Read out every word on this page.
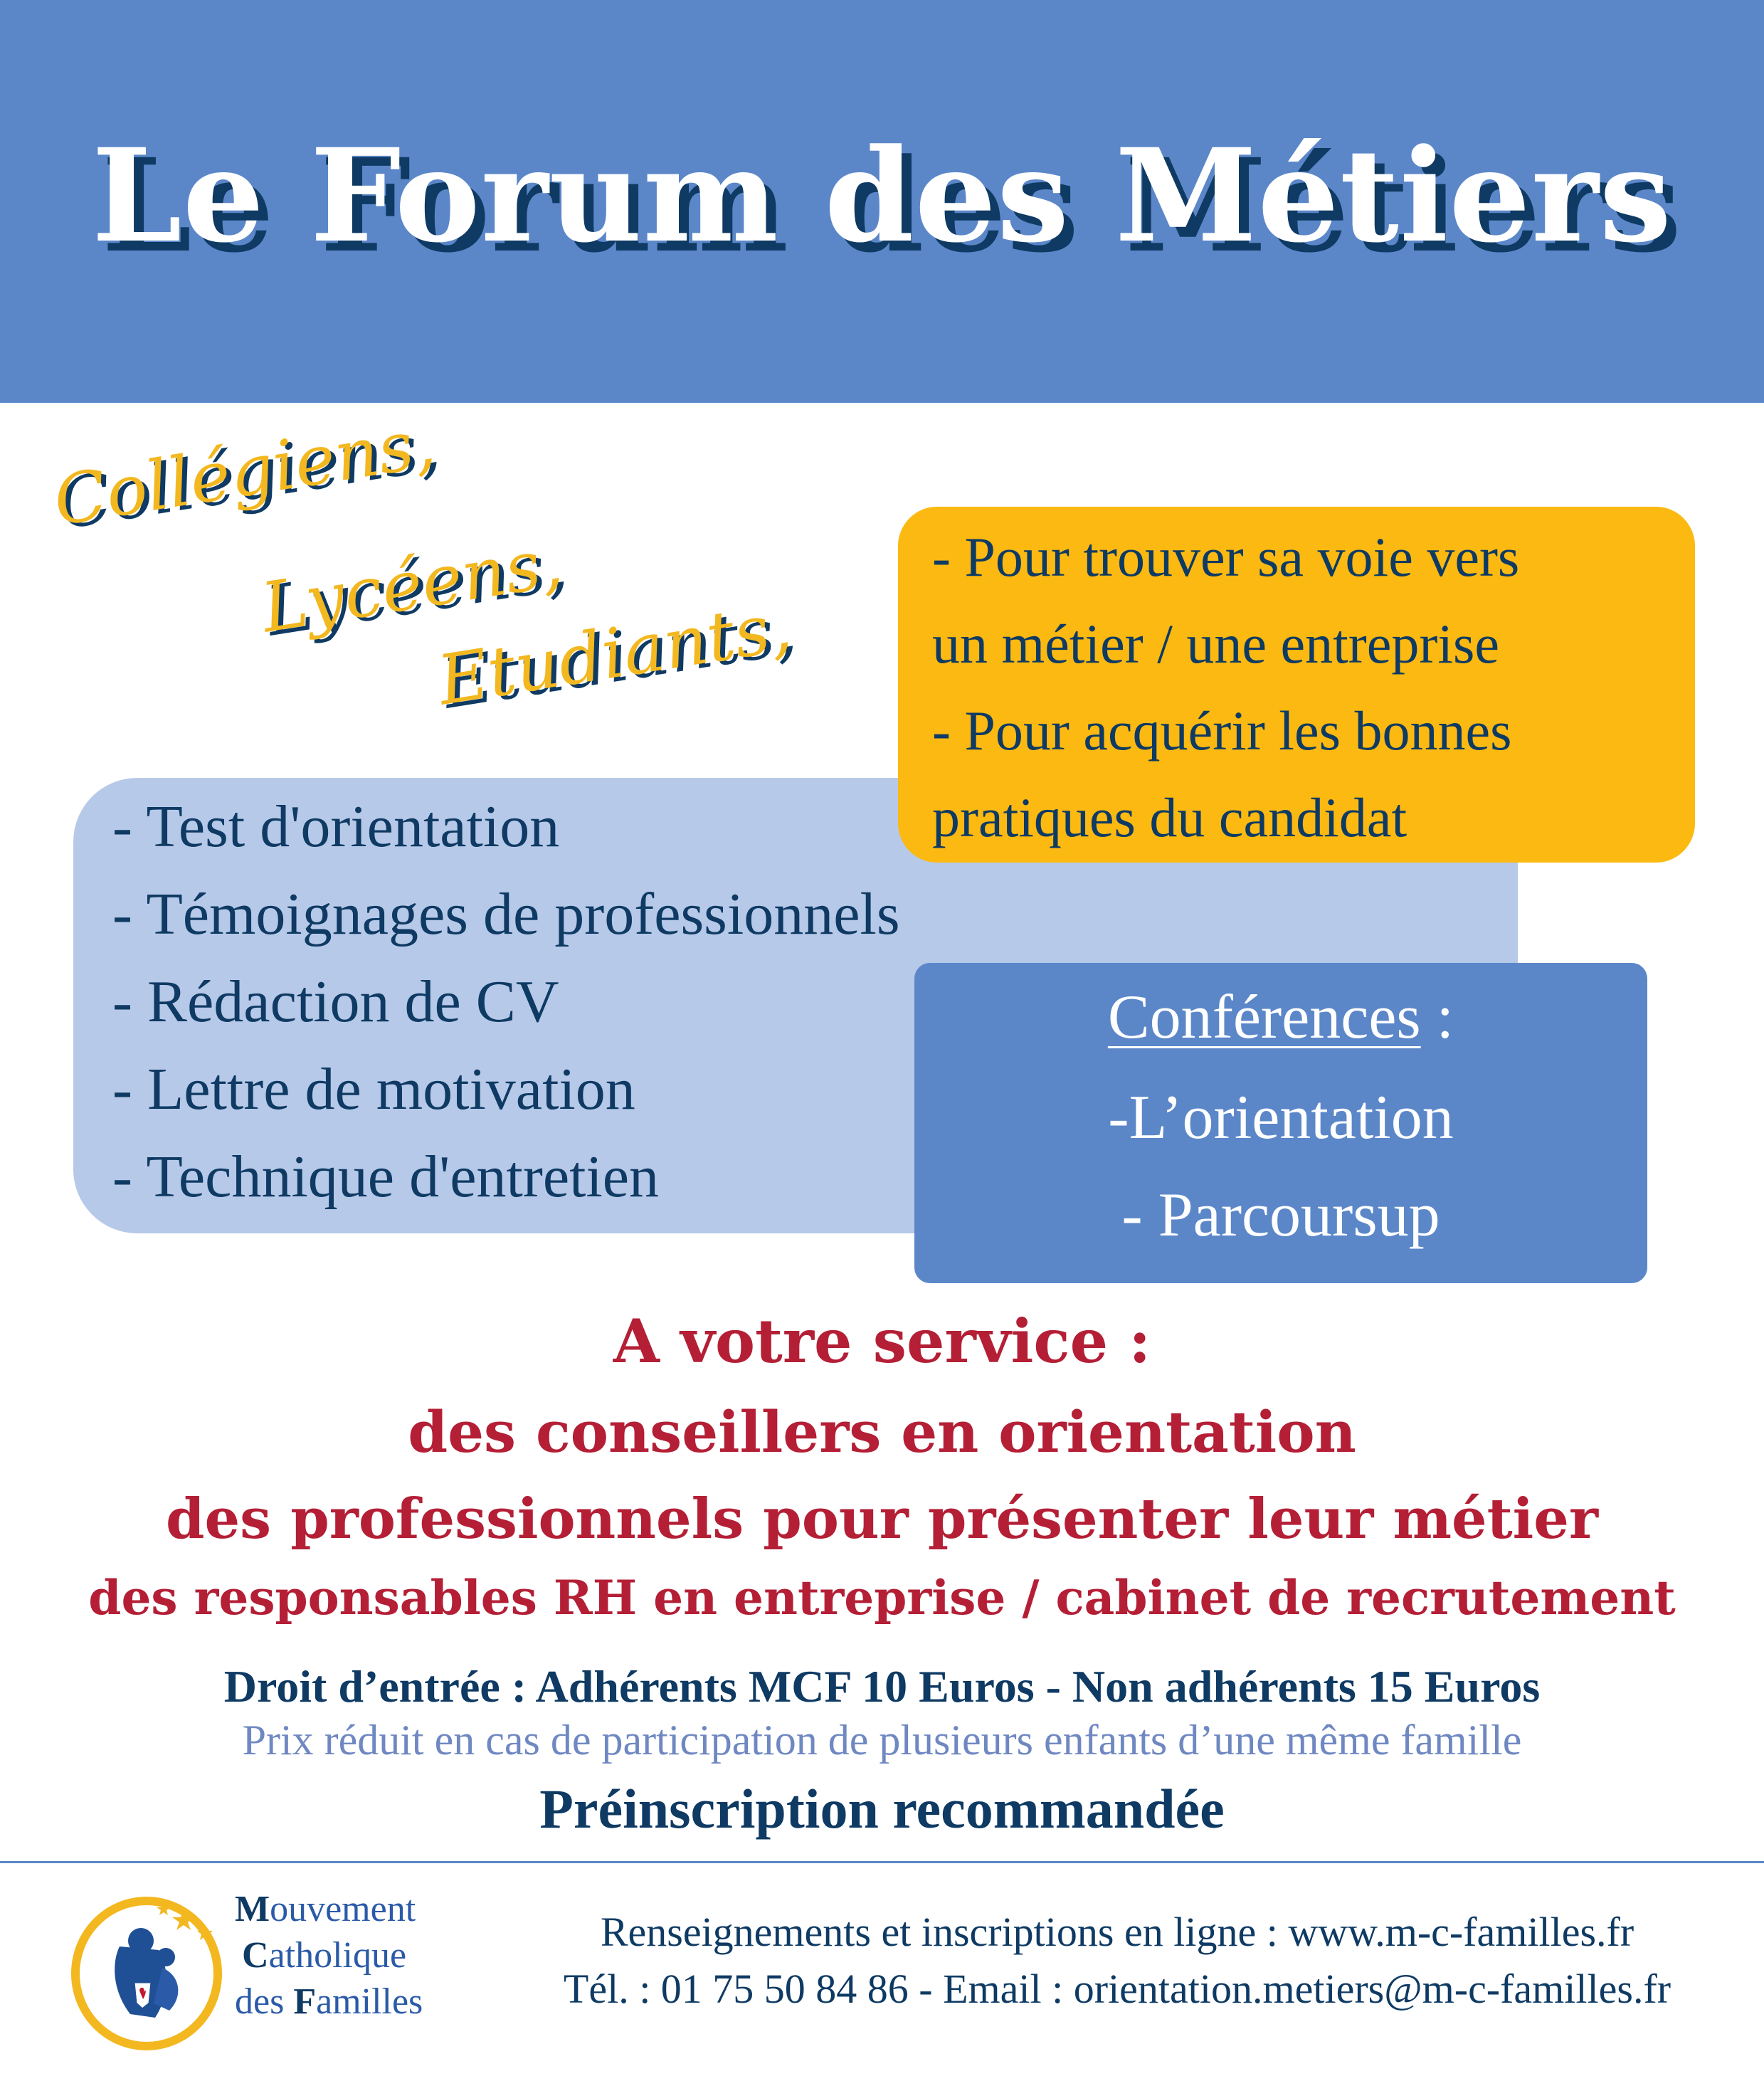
Le Forum des Métiers
Collégiens,
Lycéens,
Etudiants,
- Test d'orientation
- Témoignages de professionnels
- Rédaction de CV
- Lettre de motivation
- Technique d'entretien
- Pour trouver sa voie vers
un métier / une entreprise
- Pour acquérir les bonnes
pratiques du candidat
Conférences :
-L’orientation
- Parcoursup
A votre service :
des conseillers en orientation
des professionnels pour présenter leur métier
des responsables RH en entreprise / cabinet de recrutement
Droit d’entrée : Adhérents MCF 10 Euros - Non adhérents 15 Euros
Prix réduit en cas de participation de plusieurs enfants d’une même famille
Préinscription recommandée
Mouvement
Catholique
des Familles
Renseignements et inscriptions en ligne : www.m-c-familles.fr
Tél. : 01 75 50 84 86 - Email : orientation.metiers@m-c-familles.fr
